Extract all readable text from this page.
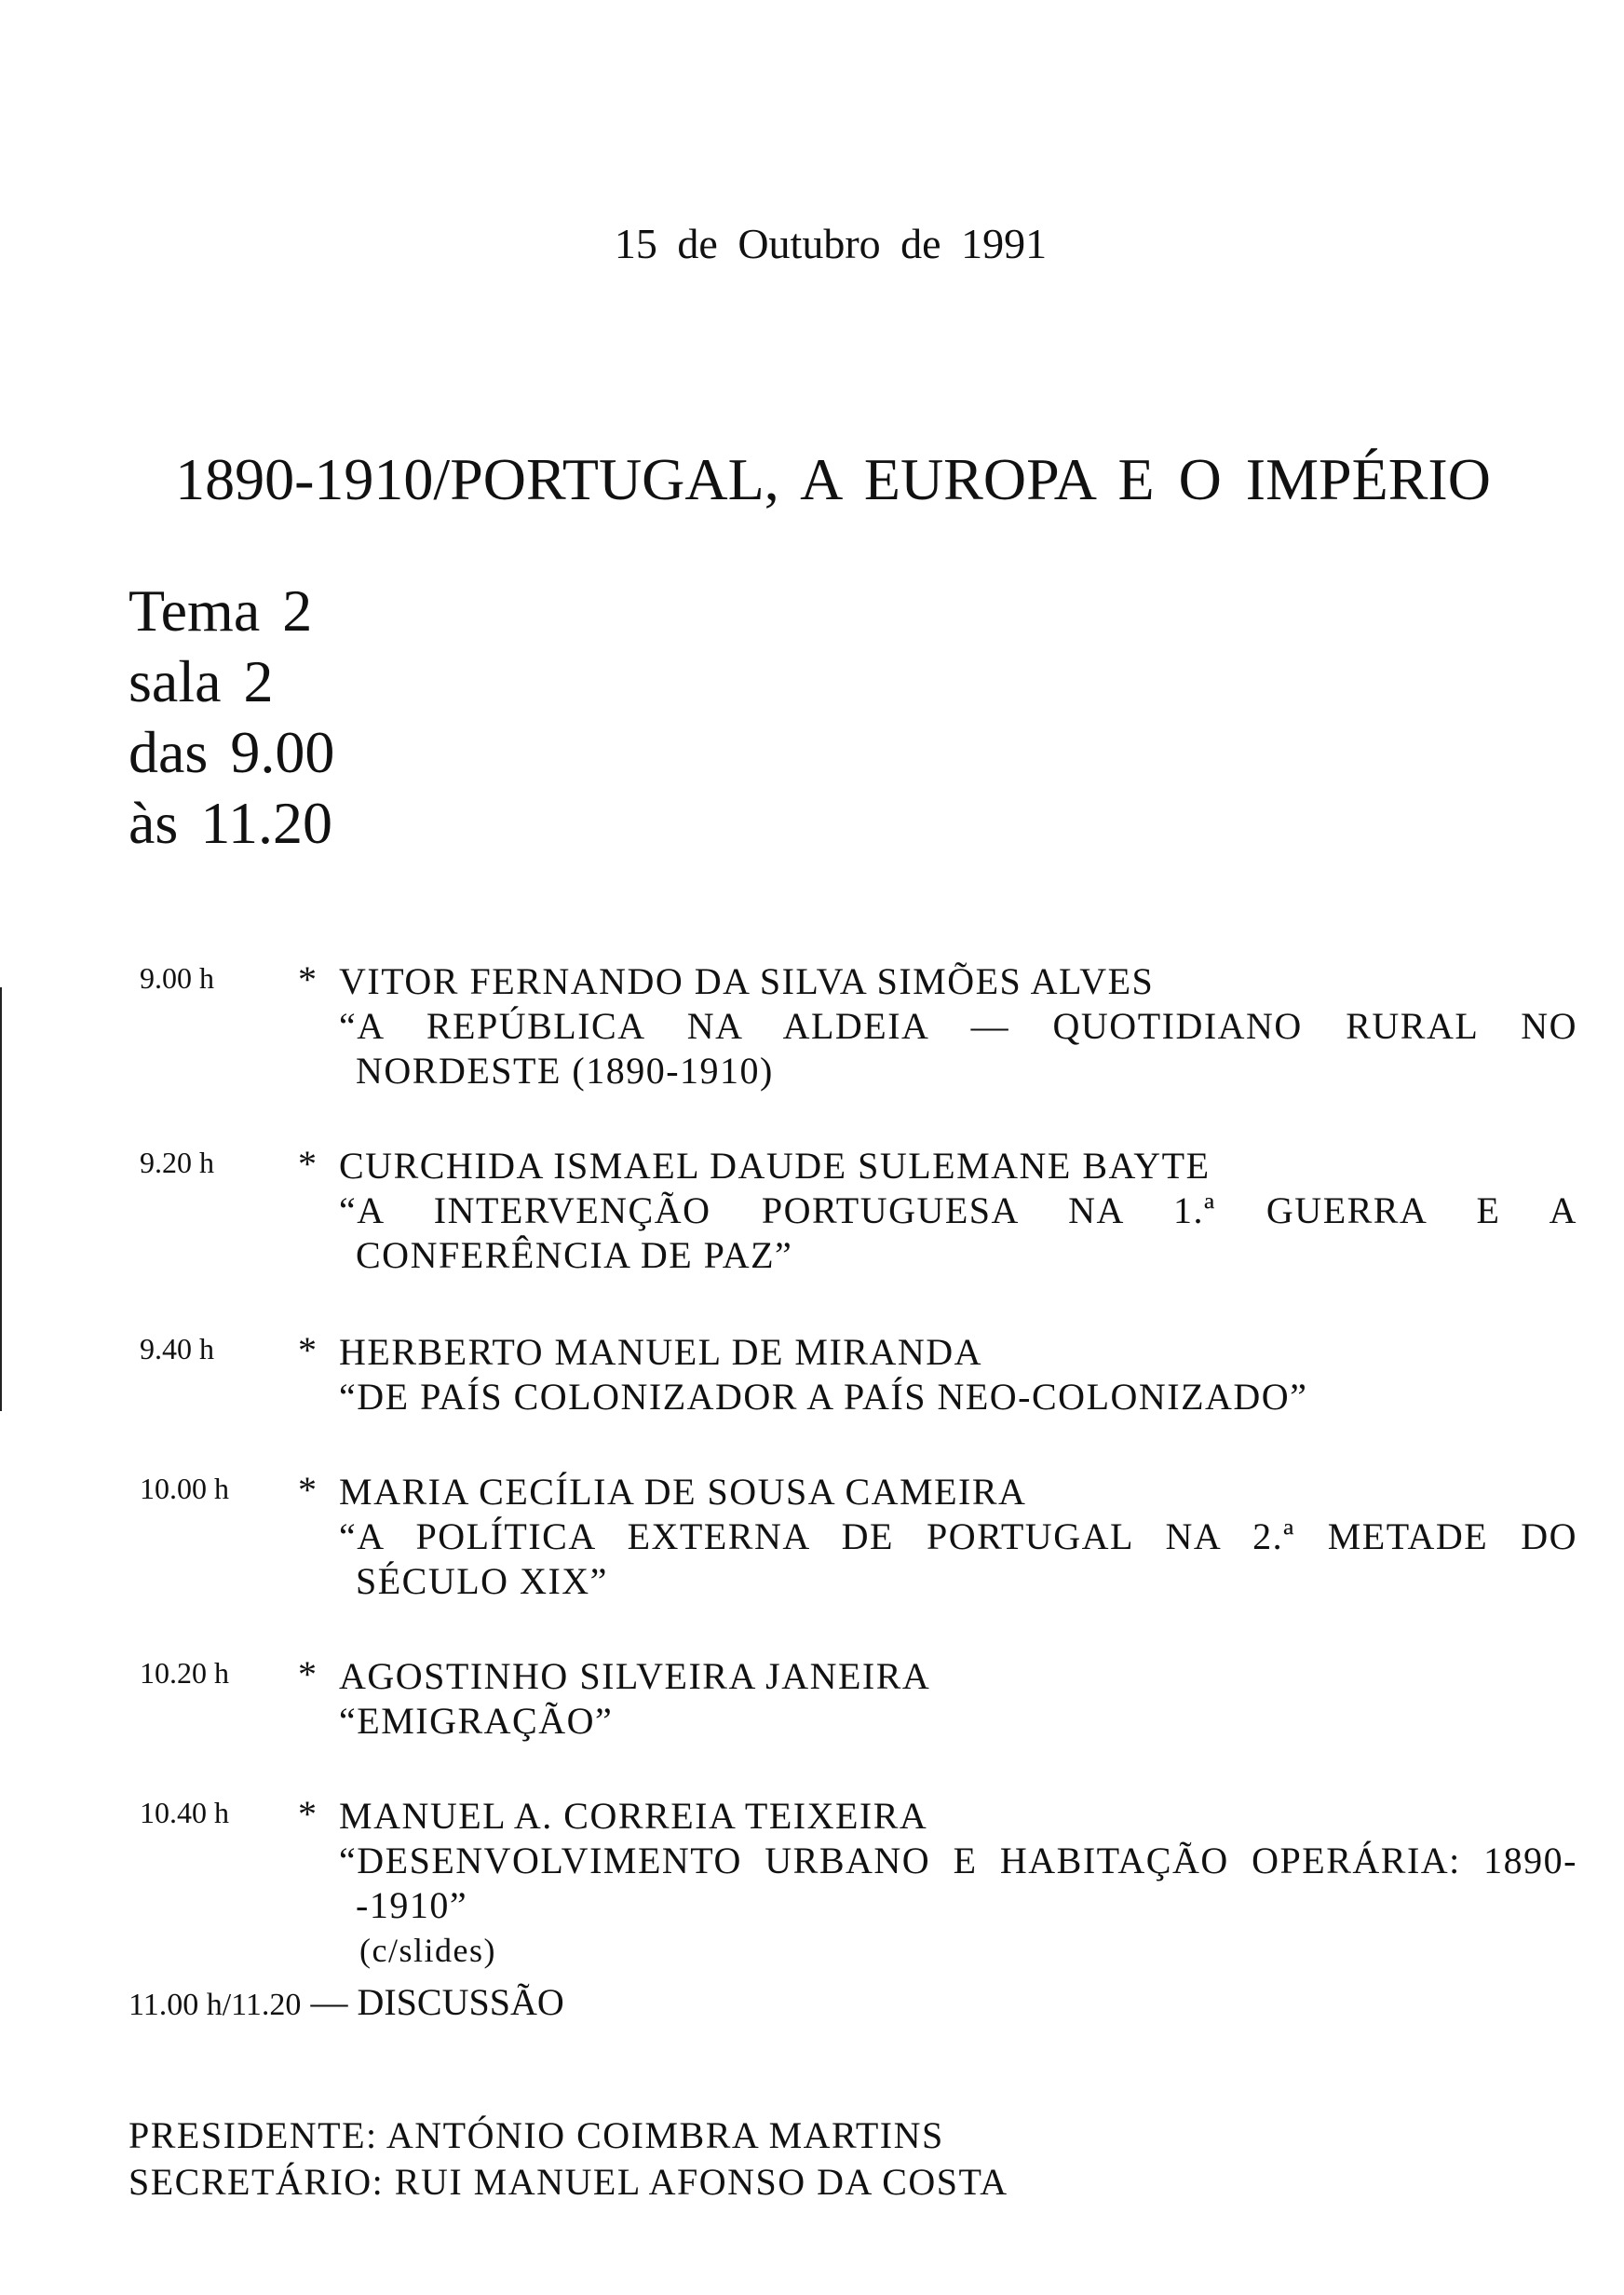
15 de Outubro de 1991
1890-1910/PORTUGAL, A EUROPA E O IMPÉRIO
Tema 2
sala 2
das 9.00
às 11.20
9.00 h * VITOR FERNANDO DA SILVA SIMÕES ALVES
“A REPÚBLICA NA ALDEIA — QUOTIDIANO RURAL NO
NORDESTE (1890-1910)
9.20 h * CURCHIDA ISMAEL DAUDE SULEMANE BAYTE
“A INTERVENÇÃO PORTUGUESA NA 1.ª GUERRA E A
CONFERÊNCIA DE PAZ”
9.40 h * HERBERTO MANUEL DE MIRANDA
“DE PAÍS COLONIZADOR A PAÍS NEO-COLONIZADO”
10.00 h * MARIA CECÍLIA DE SOUSA CAMEIRA
“A POLÍTICA EXTERNA DE PORTUGAL NA 2.ª METADE DO
SÉCULO XIX”
10.20 h * AGOSTINHO SILVEIRA JANEIRA
“EMIGRAÇÃO”
10.40 h * MANUEL A. CORREIA TEIXEIRA
“DESENVOLVIMENTO URBANO E HABITAÇÃO OPERÁRIA: 1890-
-1910”
(c/slides)
11.00 h/11.20 — DISCUSSÃO
PRESIDENTE: ANTÓNIO COIMBRA MARTINS
SECRETÁRIO: RUI MANUEL AFONSO DA COSTA
